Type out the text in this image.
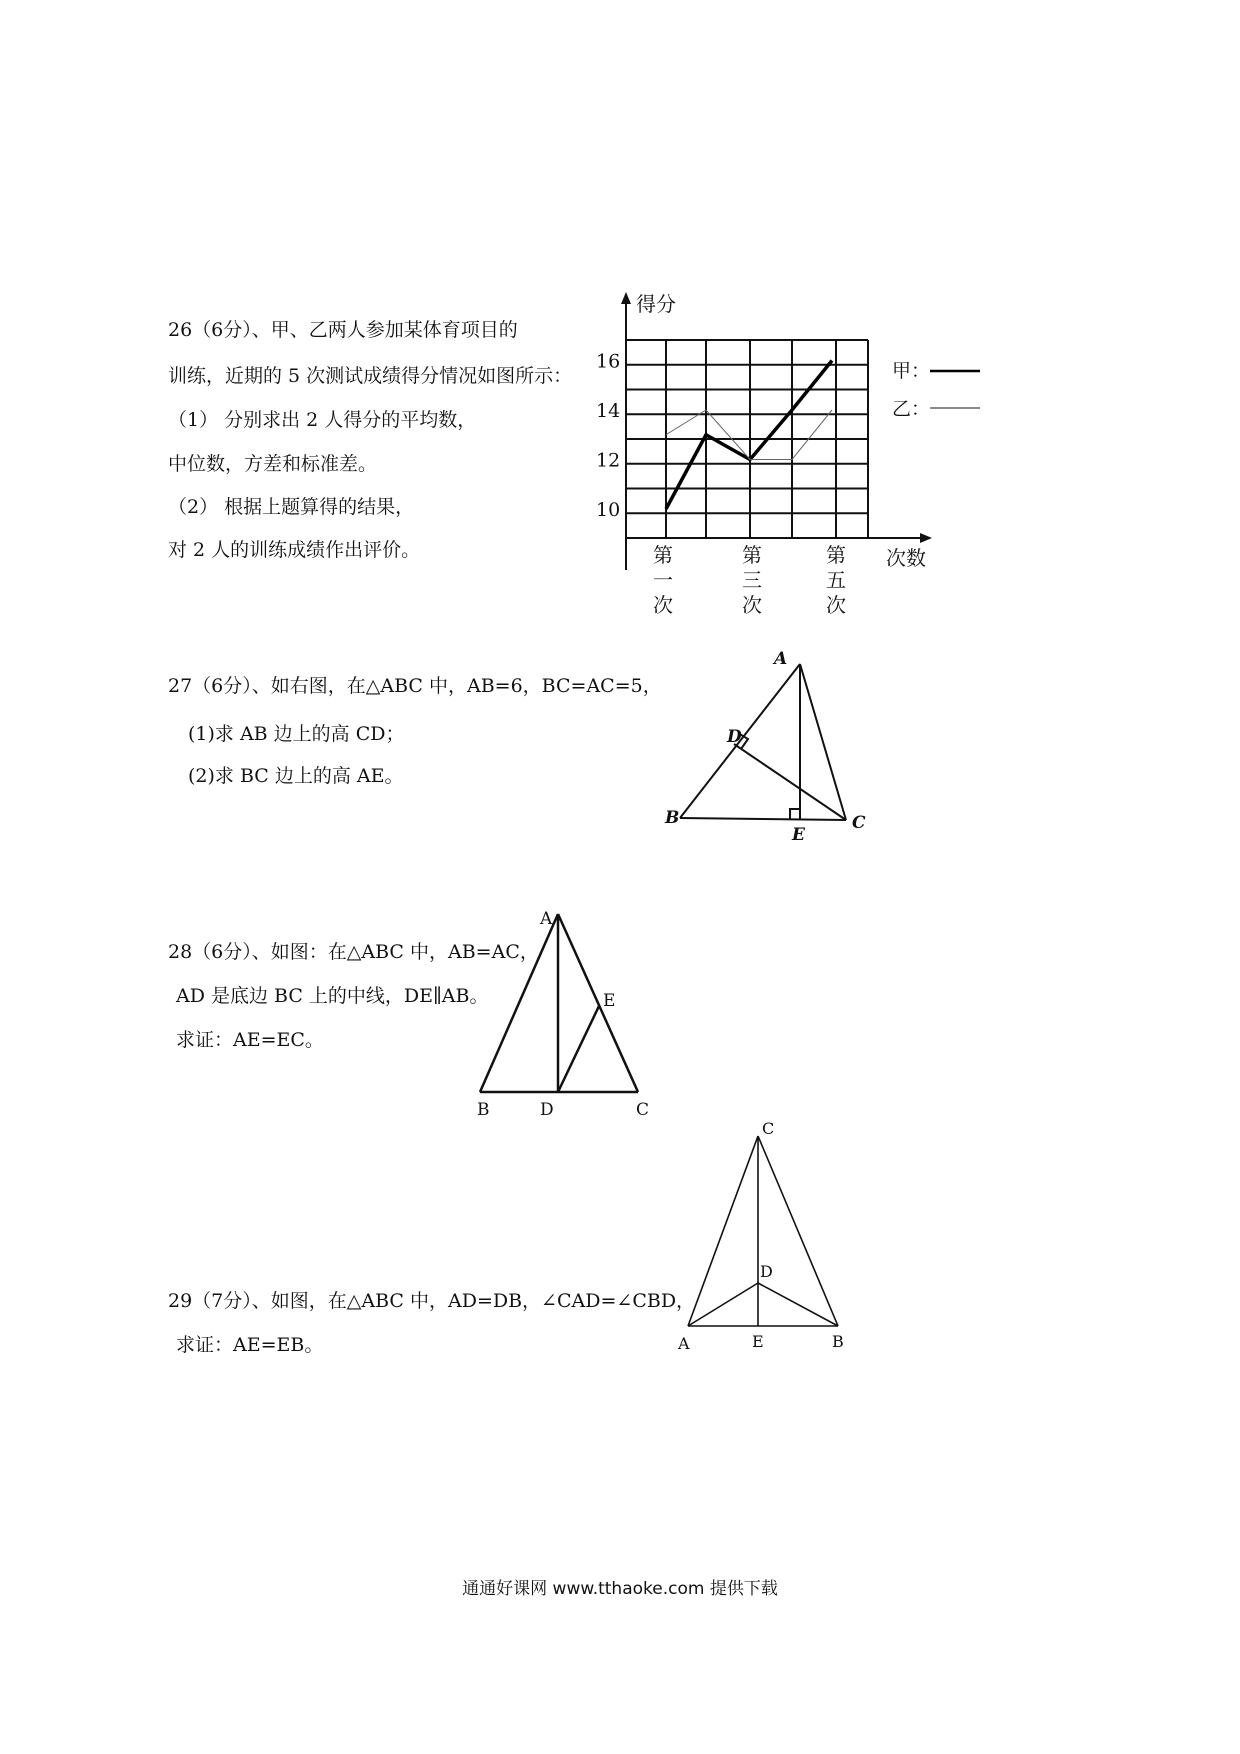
26（6分）、甲、乙两人参加某体育项目的
训练，近期的 5 次测试成绩得分情况如图所示：
（1） 分别求出 2 人得分的平均数，
中位数，方差和标准差。
（2） 根据上题算得的结果，
对 2 人的训练成绩作出评价。
10
12
14
16
得分
次数
第
一
次
第
三
次
第
五
次
甲：
乙：
27（6分）、如右图，在△ABC 中，AB=6，BC=AC=5，
(1)求 AB 边上的高 CD；
(2)求 BC 边上的高 AE。
A
B	C
D
E
28（6分）、如图：在△ABC 中，AB=AC，
AD 是底边 BC 上的中线，DE∥AB。
求证：AE=EC。
A
B	C
D
E
29（7分）、如图，在△ABC 中，AD=DB，∠CAD=∠CBD，
求证：AE=EB。
C
A	B
D
E
通通好课网 www.tthaoke.com 提供下载
